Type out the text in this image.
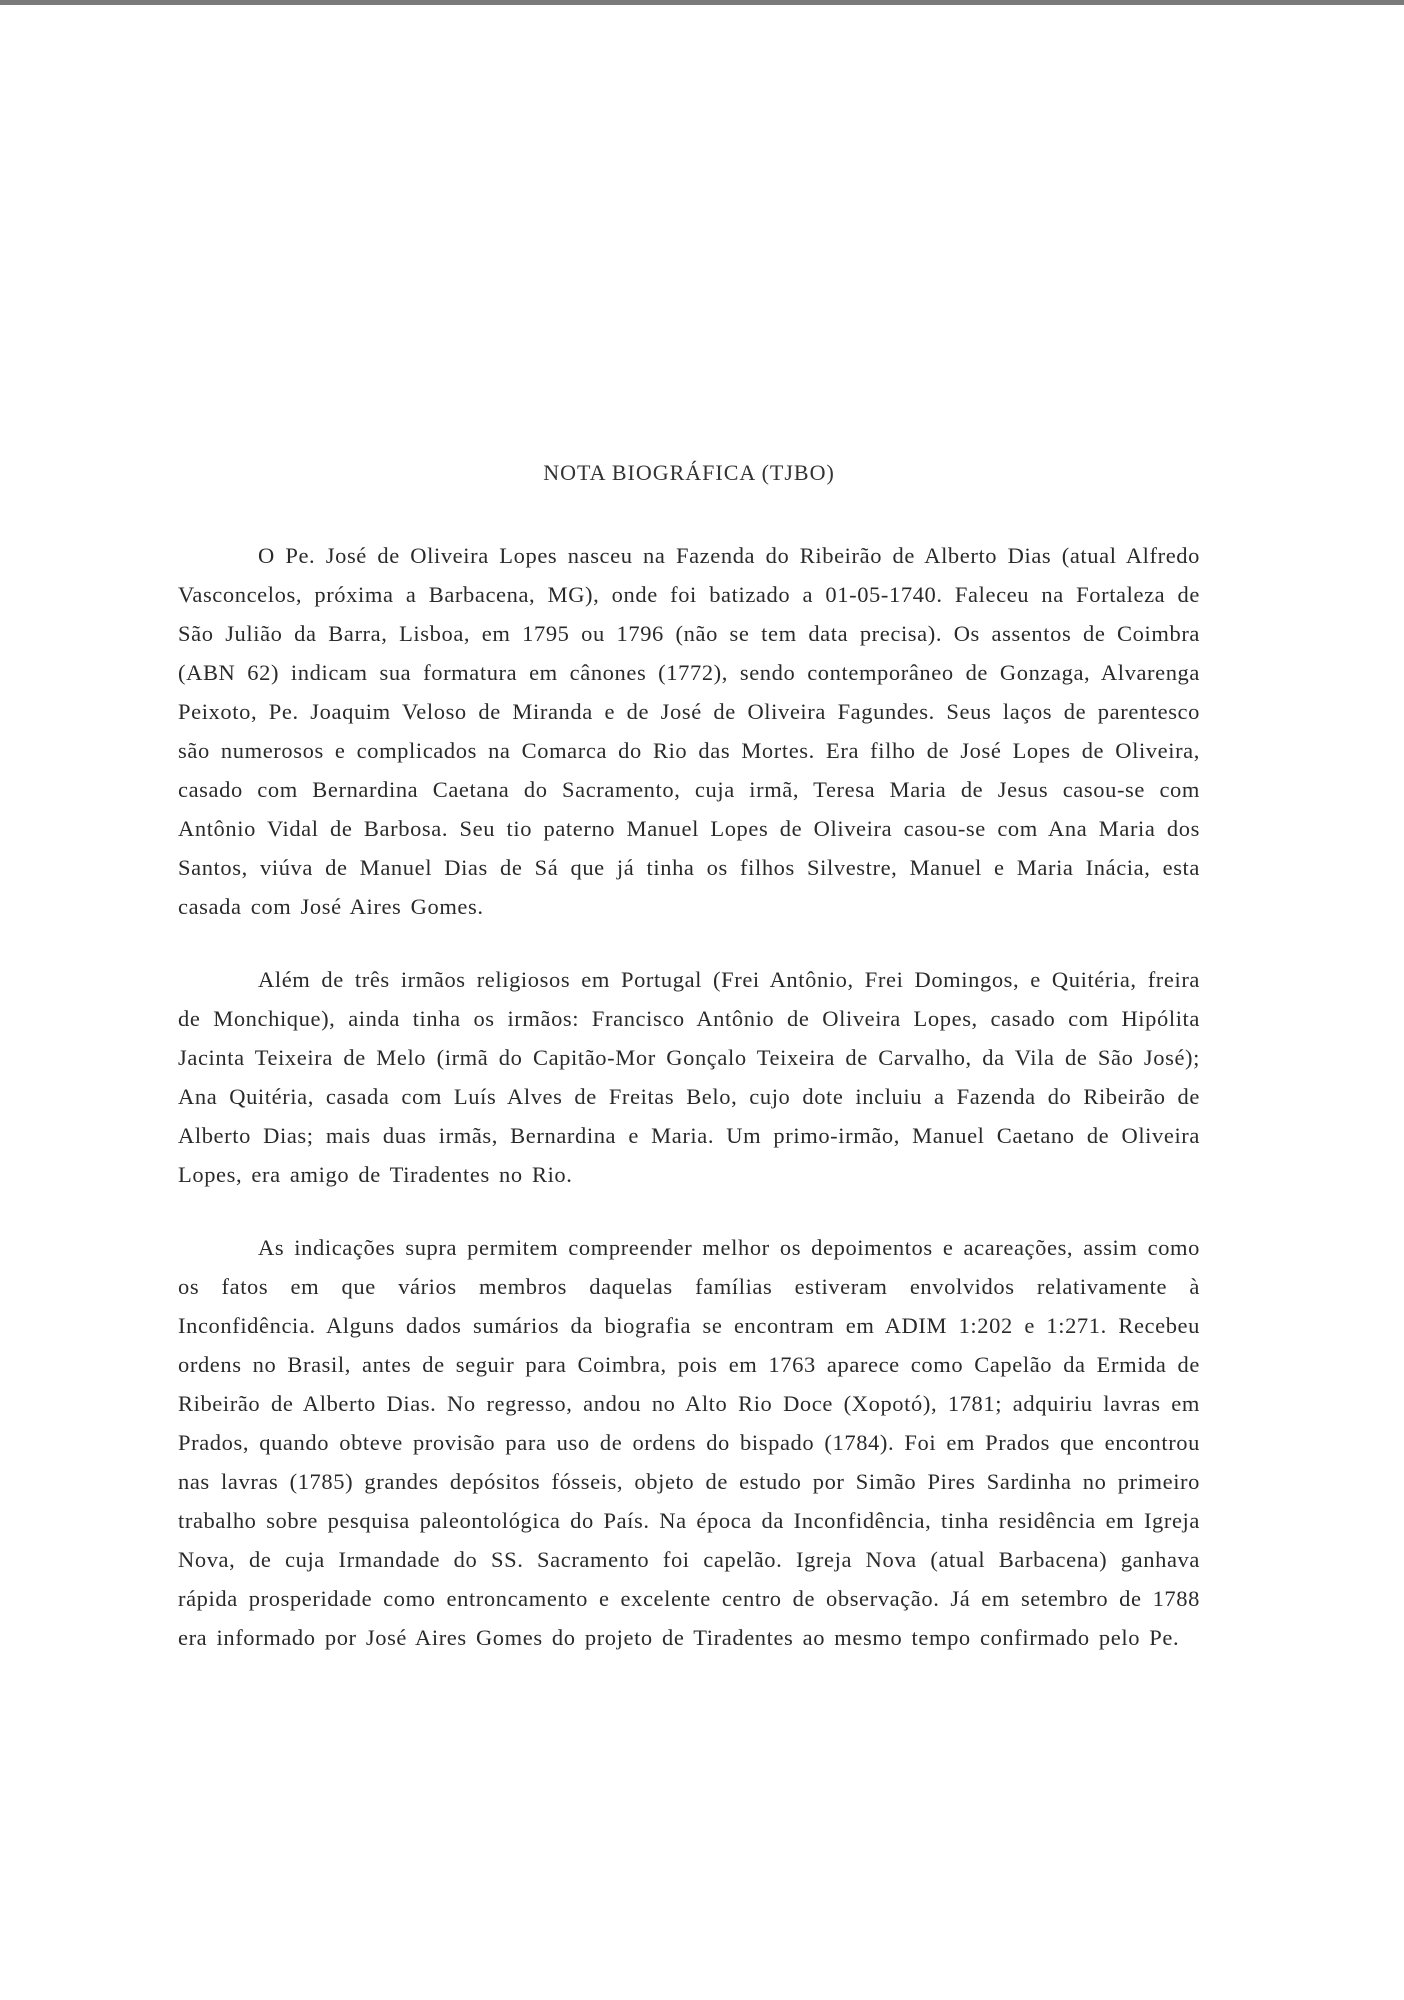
NOTA BIOGRÁFICA (TJBO)

O Pe. José de Oliveira Lopes nasceu na Fazenda do Ribeirão de Alberto Dias (atual Alfredo Vasconcelos, próxima a Barbacena, MG), onde foi batizado a 01-05-1740. Faleceu na Fortaleza de São Julião da Barra, Lisboa, em 1795 ou 1796 (não se tem data precisa). Os assentos de Coimbra (ABN 62) indicam sua formatura em cânones (1772), sendo contemporâneo de Gonzaga, Alvarenga Peixoto, Pe. Joaquim Veloso de Miranda e de José de Oliveira Fagundes. Seus laços de parentesco são numerosos e complicados na Comarca do Rio das Mortes. Era filho de José Lopes de Oliveira, casado com Bernardina Caetana do Sacramento, cuja irmã, Teresa Maria de Jesus casou-se com Antônio Vidal de Barbosa. Seu tio paterno Manuel Lopes de Oliveira casou-se com Ana Maria dos Santos, viúva de Manuel Dias de Sá que já tinha os filhos Silvestre, Manuel e Maria Inácia, esta casada com José Aires Gomes.

Além de três irmãos religiosos em Portugal (Frei Antônio, Frei Domingos, e Quitéria, freira de Monchique), ainda tinha os irmãos: Francisco Antônio de Oliveira Lopes, casado com Hipólita Jacinta Teixeira de Melo (irmã do Capitão-Mor Gonçalo Teixeira de Carvalho, da Vila de São José); Ana Quitéria, casada com Luís Alves de Freitas Belo, cujo dote incluiu a Fazenda do Ribeirão de Alberto Dias; mais duas irmãs, Bernardina e Maria. Um primo-irmão, Manuel Caetano de Oliveira Lopes, era amigo de Tiradentes no Rio.

As indicações supra permitem compreender melhor os depoimentos e acareações, assim como os fatos em que vários membros daquelas famílias estiveram envolvidos relativamente à Inconfidência. Alguns dados sumários da biografia se encontram em ADIM 1:202 e 1:271. Recebeu ordens no Brasil, antes de seguir para Coimbra, pois em 1763 aparece como Capelão da Ermida de Ribeirão de Alberto Dias. No regresso, andou no Alto Rio Doce (Xopotó), 1781; adquiriu lavras em Prados, quando obteve provisão para uso de ordens do bispado (1784). Foi em Prados que encontrou nas lavras (1785) grandes depósitos fósseis, objeto de estudo por Simão Pires Sardinha no primeiro trabalho sobre pesquisa paleontológica do País. Na época da Inconfidência, tinha residência em Igreja Nova, de cuja Irmandade do SS. Sacramento foi capelão. Igreja Nova (atual Barbacena) ganhava rápida prosperidade como entroncamento e excelente centro de observação. Já em setembro de 1788 era informado por José Aires Gomes do projeto de Tiradentes ao mesmo tempo confirmado pelo Pe.
